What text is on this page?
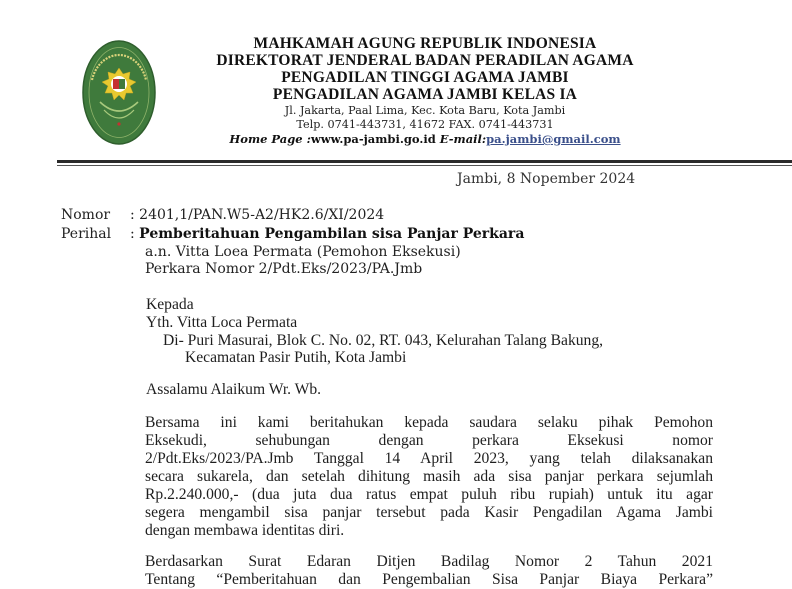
MAHKAMAH AGUNG REPUBLIK INDONESIA
DIREKTORAT JENDERAL BADAN PERADILAN AGAMA
PENGADILAN TINGGI AGAMA JAMBI
PENGADILAN AGAMA JAMBI KELAS IA
Jl. Jakarta, Paal Lima, Kec. Kota Baru, Kota Jambi
Telp. 0741-443731, 41672 FAX. 0741-443731
Home Page :www.pa-jambi.go.id E-mail:pa.jambi@gmail.com
Jambi, 8 Nopember 2024
Nomor : 2401,1/PAN.W5-A2/HK2.6/XI/2024
Perihal : Pemberitahuan Pengambilan sisa Panjar Perkara
a.n. Vitta Loea Permata (Pemohon Eksekusi)
Perkara Nomor 2/Pdt.Eks/2023/PA.Jmb
Kepada
Yth. Vitta Loca Permata
Di- Puri Masurai, Blok C. No. 02, RT. 043, Kelurahan Talang Bakung,
Kecamatan Pasir Putih, Kota Jambi
Assalamu Alaikum Wr. Wb.
Bersama ini kami beritahukan kepada saudara selaku pihak Pemohon
Eksekudi, sehubungan dengan perkara Eksekusi nomor
2/Pdt.Eks/2023/PA.Jmb Tanggal 14 April 2023, yang telah dilaksanakan
secara sukarela, dan setelah dihitung masih ada sisa panjar perkara sejumlah
Rp.2.240.000,- (dua juta dua ratus empat puluh ribu rupiah) untuk itu agar
segera mengambil sisa panjar tersebut pada Kasir Pengadilan Agama Jambi
dengan membawa identitas diri.
Berdasarkan Surat Edaran Ditjen Badilag Nomor 2 Tahun 2021
Tentang “Pemberitahuan dan Pengembalian Sisa Panjar Biaya Perkara”
